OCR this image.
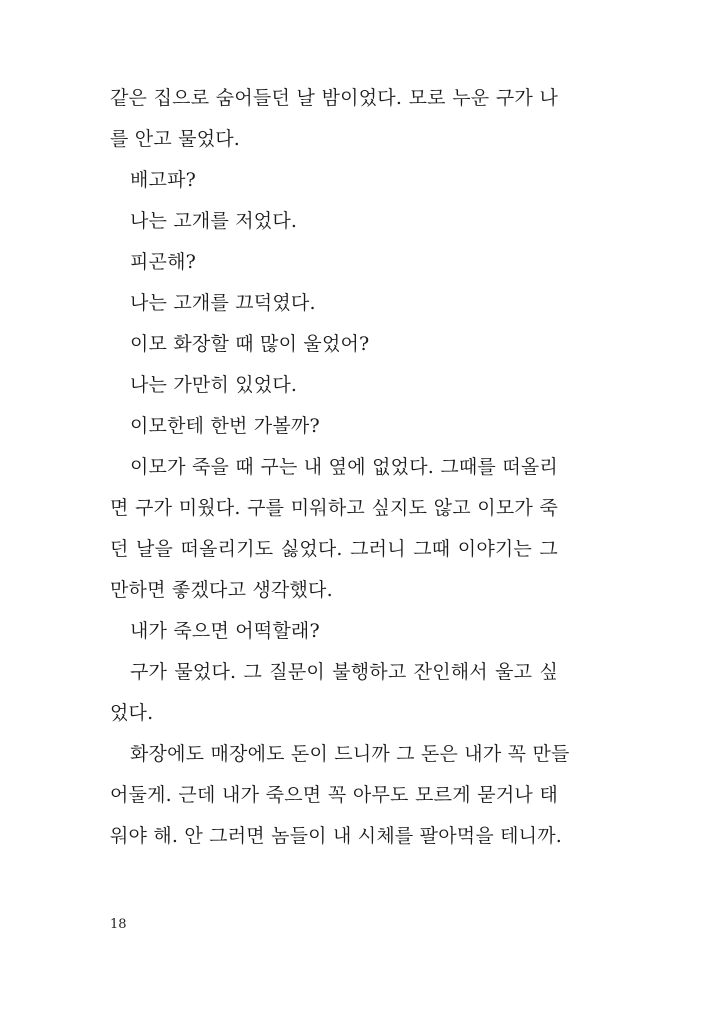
같은 집으로 숨어들던 날 밤이었다. 모로 누운 구가 나
를 안고 물었다.
배고파?
나는 고개를 저었다.
피곤해?
나는 고개를 끄덕였다.
이모 화장할 때 많이 울었어?
나는 가만히 있었다.
이모한테 한번 가볼까?
이모가 죽을 때 구는 내 옆에 없었다. 그때를 떠올리
면 구가 미웠다. 구를 미워하고 싶지도 않고 이모가 죽
던 날을 떠올리기도 싫었다. 그러니 그때 이야기는 그
만하면 좋겠다고 생각했다.
내가 죽으면 어떡할래?
구가 물었다. 그 질문이 불행하고 잔인해서 울고 싶
었다.
화장에도 매장에도 돈이 드니까 그 돈은 내가 꼭 만들
어둘게. 근데 내가 죽으면 꼭 아무도 모르게 묻거나 태
워야 해. 안 그러면 놈들이 내 시체를 팔아먹을 테니까.
18
